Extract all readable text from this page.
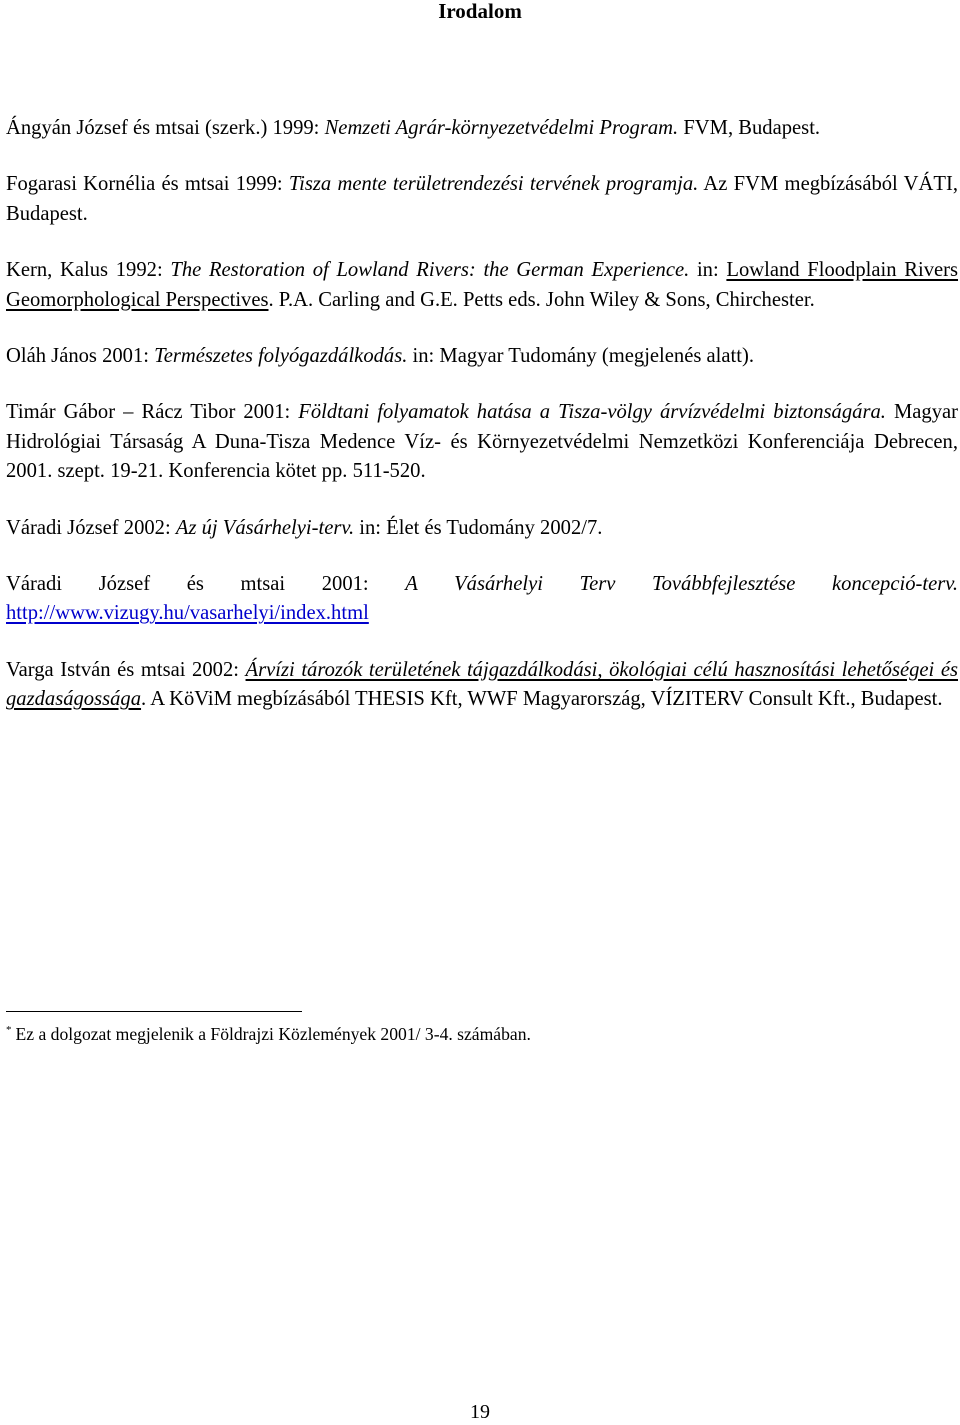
Irodalom
Ángyán József és mtsai (szerk.) 1999: Nemzeti Agrár-környezetvédelmi Program. FVM, Budapest.
Fogarasi Kornélia és mtsai 1999: Tisza mente területrendezési tervének programja. Az FVM megbízásából VÁTI, Budapest.
Kern, Kalus 1992: The Restoration of Lowland Rivers: the German Experience. in: Lowland Floodplain Rivers Geomorphological Perspectives. P.A. Carling and G.E. Petts eds. John Wiley & Sons, Chirchester.
Oláh János 2001: Természetes folyógazdálkodás. in: Magyar Tudomány (megjelenés alatt).
Timár Gábor – Rácz Tibor 2001: Földtani folyamatok hatása a Tisza-völgy árvízvédelmi biztonságára. Magyar Hidrológiai Társaság A Duna-Tisza Medence Víz- és Környezetvédelmi Nemzetközi Konferenciája Debrecen, 2001. szept. 19-21. Konferencia kötet pp. 511-520.
Váradi József 2002: Az új Vásárhelyi-terv. in: Élet és Tudomány 2002/7.
Váradi József és mtsai 2001: A Vásárhelyi Terv Továbbfejlesztése koncepció-terv. http://www.vizugy.hu/vasarhelyi/index.html
Varga István és mtsai 2002: Árvízi tározók területének tájgazdálkodási, ökológiai célú hasznosítási lehetőségei és gazdaságossága. A KöViM megbízásából THESIS Kft, WWF Magyarország, VÍZITERV Consult Kft., Budapest.

* Ez a dolgozat megjelenik a Földrajzi Közlemények 2001/ 3-4. számában.

19
